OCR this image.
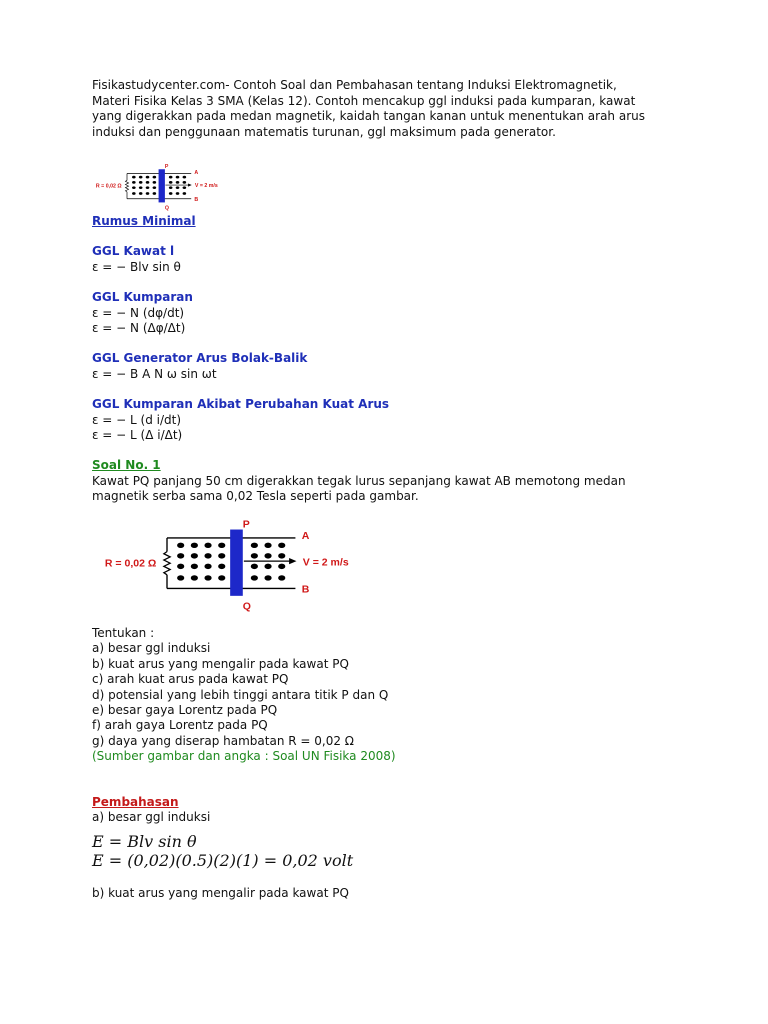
Fisikastudycenter.com- Contoh Soal dan Pembahasan tentang Induksi Elektromagnetik,
Materi Fisika Kelas 3 SMA (Kelas 12). Contoh mencakup ggl induksi pada kumparan, kawat
yang digerakkan pada medan magnetik, kaidah tangan kanan untuk menentukan arah arus
induksi dan penggunaan matematis turunan, ggl maksimum pada generator.
Rumus Minimal
GGL Kawat l
ε = − Blv sin θ
GGL Kumparan
ε = − N (dφ/dt)
ε = − N (Δφ/Δt)
GGL Generator Arus Bolak-Balik
ε = − B A N ω sin ωt
GGL Kumparan Akibat Perubahan Kuat Arus
ε = − L (d i/dt)
ε = − L (Δ i/Δt)
Soal No. 1
Kawat PQ panjang 50 cm digerakkan tegak lurus sepanjang kawat AB memotong medan
magnetik serba sama 0,02 Tesla seperti pada gambar.
Tentukan :
a) besar ggl induksi
b) kuat arus yang mengalir pada kawat PQ
c) arah kuat arus pada kawat PQ
d) potensial yang lebih tinggi antara titik P dan Q
e) besar gaya Lorentz pada PQ
f) arah gaya Lorentz pada PQ
g) daya yang diserap hambatan R = 0,02 Ω
(Sumber gambar dan angka : Soal UN Fisika 2008)
Pembahasan
a) besar ggl induksi
E = Blv sin θ
E = (0,02)(0.5)(2)(1) = 0,02 volt
b) kuat arus yang mengalir pada kawat PQ
